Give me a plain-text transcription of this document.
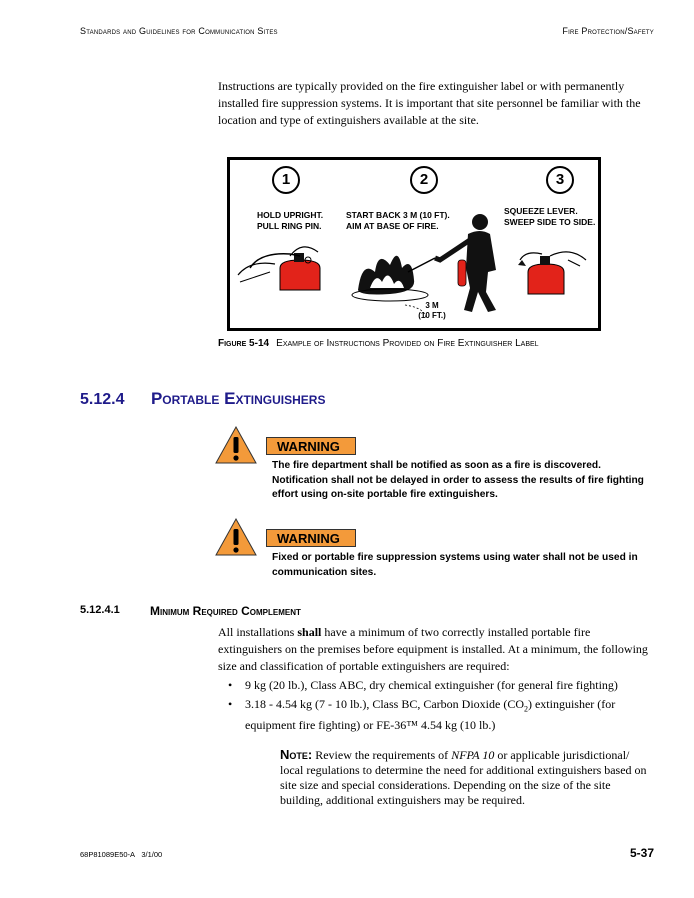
Standards and Guidelines for Communication Sites	Fire Protection/Safety
Instructions are typically provided on the fire extinguisher label or with permanently installed fire suppression systems. It is important that site personnel be familiar with the location and type of extinguishers available at the site.
1	2	3
HOLD UPRIGHT.
PULL RING PIN.
START BACK 3 M (10 FT).
AIM AT BASE OF FIRE.
SQUEEZE LEVER.
SWEEP SIDE TO SIDE.
3 M
(10 FT.)
Figure 5-14 Example of Instructions Provided on Fire Extinguisher Label
5.12.4 Portable Extinguishers
WARNING
The fire department shall be notified as soon as a fire is discovered. Notification shall not be delayed in order to assess the results of fire fighting effort using on-site portable fire extinguishers.
WARNING
Fixed or portable fire suppression systems using water shall not be used in communication sites.
5.12.4.1	Minimum Required Complement
All installations shall have a minimum of two correctly installed portable fire extinguishers on the premises before equipment is installed. At a minimum, the following size and classification of portable extinguishers are required:
• 9 kg (20 lb.), Class ABC, dry chemical extinguisher (for general fire fighting)
• 3.18 - 4.54 kg (7 - 10 lb.), Class BC, Carbon Dioxide $(CO_2)$ extinguisher (for equipment fire fighting) or FE-36™ 4.54 kg (10 lb.)
Note: Review the requirements of NFPA 10 or applicable jurisdictional/ local regulations to determine the need for additional extinguishers based on site size and special considerations. Depending on the size of the site building, additional extinguishers may be required.
68P81089E50-A 3/1/00	5-37
